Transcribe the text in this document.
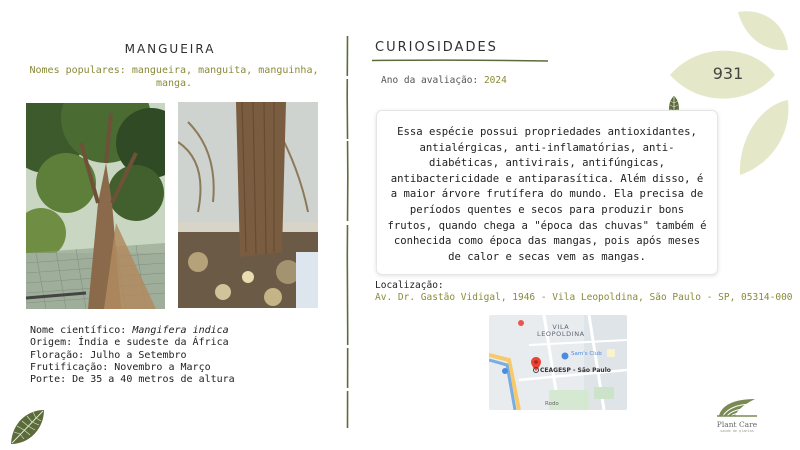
MANGUEIRA
Nomes populares: mangueira, manguita, manguinha, manga.
Nome científico: Mangifera indica
Origem: Índia e sudeste da África
Floração: Julho a Setembro
Frutificação: Novembro a Março
Porte: De 35 a 40 metros de altura
CURIOSIDADES
Ano da avaliação: 2024	931
Essa espécie possui propriedades antioxidantes, antialérgicas, anti-inflamatórias, anti-diabéticas, antivirais, antifúngicas, antibactericidade e antiparasítica. Além disso, é a maior árvore frutífera do mundo. Ela precisa de períodos quentes e secos para produzir bons frutos, quando chega a "época das chuvas" também é conhecida como época das mangas, pois após meses de calor e secas vem as mangas.
Localização:
Av. Dr. Gastão Vidigal, 1946 - Vila Leopoldina, São Paulo - SP, 05314-000
VILA
LEOPOLDINA
Sam's Club
CEAGESP - São Paulo
Rodo
Plant Care
saúde de plantas
